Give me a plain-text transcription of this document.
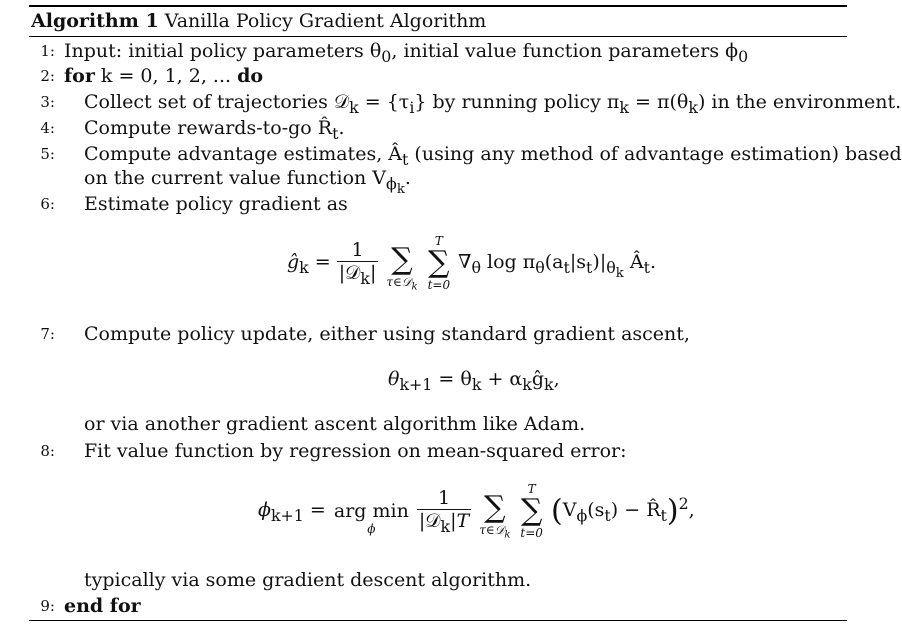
Algorithm 1 Vanilla Policy Gradient Algorithm
1: Input: initial policy parameters $\theta_0$, initial value function parameters $\phi_0$
2: for k = 0, 1, 2, ... do
3: Collect set of trajectories 𝒟$_k$ = $\{\tau_i\}$ by running policy $\pi_k = \pi(\theta_k)$ in the environment.
4: Compute rewards-to-go $R̂_t$.
5: Compute advantage estimates, $Â_t$ (using any method of advantage estimation) based
on the current value function $V_{\phi_k}$.
6: Estimate policy gradient as
$ĝ_k = \frac{1}{|𝒟_k|}$

∑
τ∈𝒟$_k$

T
∑
t=0
$\nabla_\theta$ $\log \pi_\theta(a_t|s_t)|_{\theta_k}$ $Â_t$.
7: Compute policy update, either using standard gradient ascent,
$\theta_{k+1} = \theta_k$ + $\alpha_kĝ_k$,
or via another gradient ascent algorithm like Adam.
8: Fit value function by regression on mean-squared error:
$\phi_{k+1}$ =
arg min
ϕ
	$\frac{1}{|𝒟_k|T}$

∑
τ∈𝒟$_k$

T
∑
t=0
($V_\phi(s_t)$ − $R̂_t)^2$,
typically via some gradient descent algorithm.
9: end for
